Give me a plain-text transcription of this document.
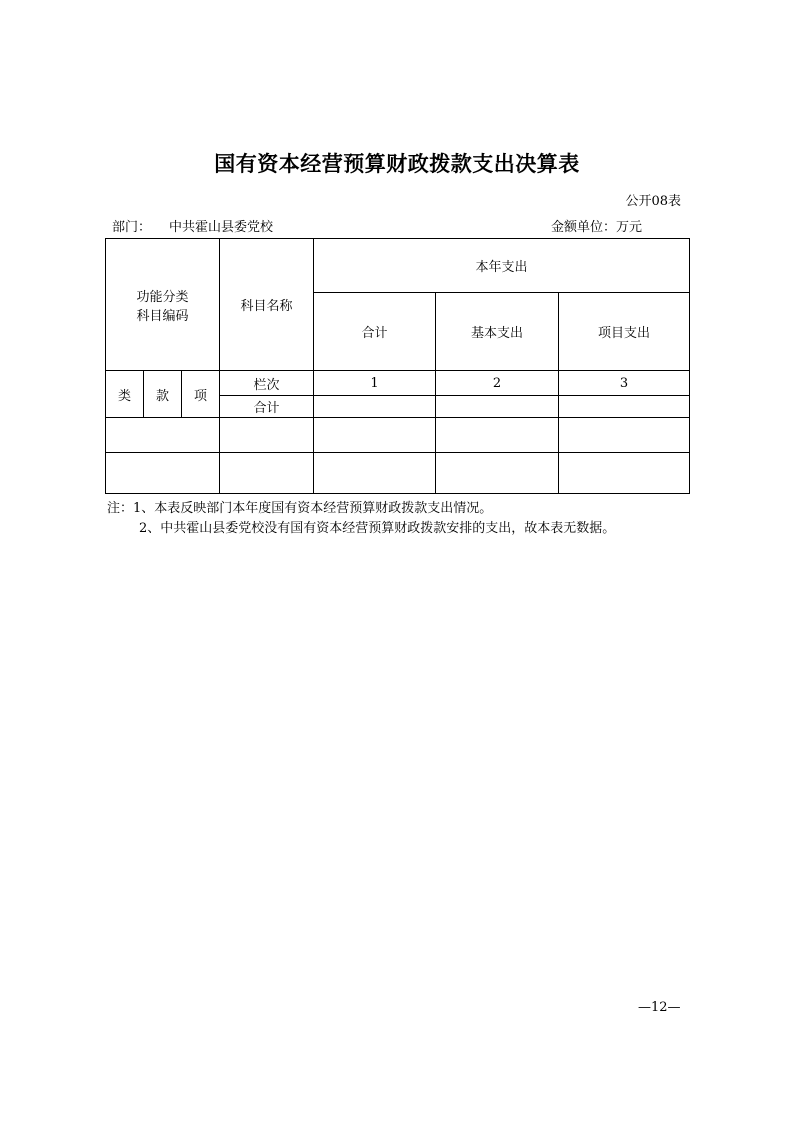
国有资本经营预算财政拨款支出决算表
公开08表
部门： 中共霍山县委党校	金额单位：万元
功能分类
科目编码			科目名称	本年支出		
				合计	基本支出	项目支出
类	款	项	栏次	1	2	3
			合计			

注：1、本表反映部门本年度国有资本经营预算财政拨款支出情况。
2、中共霍山县委党校没有国有资本经营预算财政拨款安排的支出，故本表无数据。
—12—
